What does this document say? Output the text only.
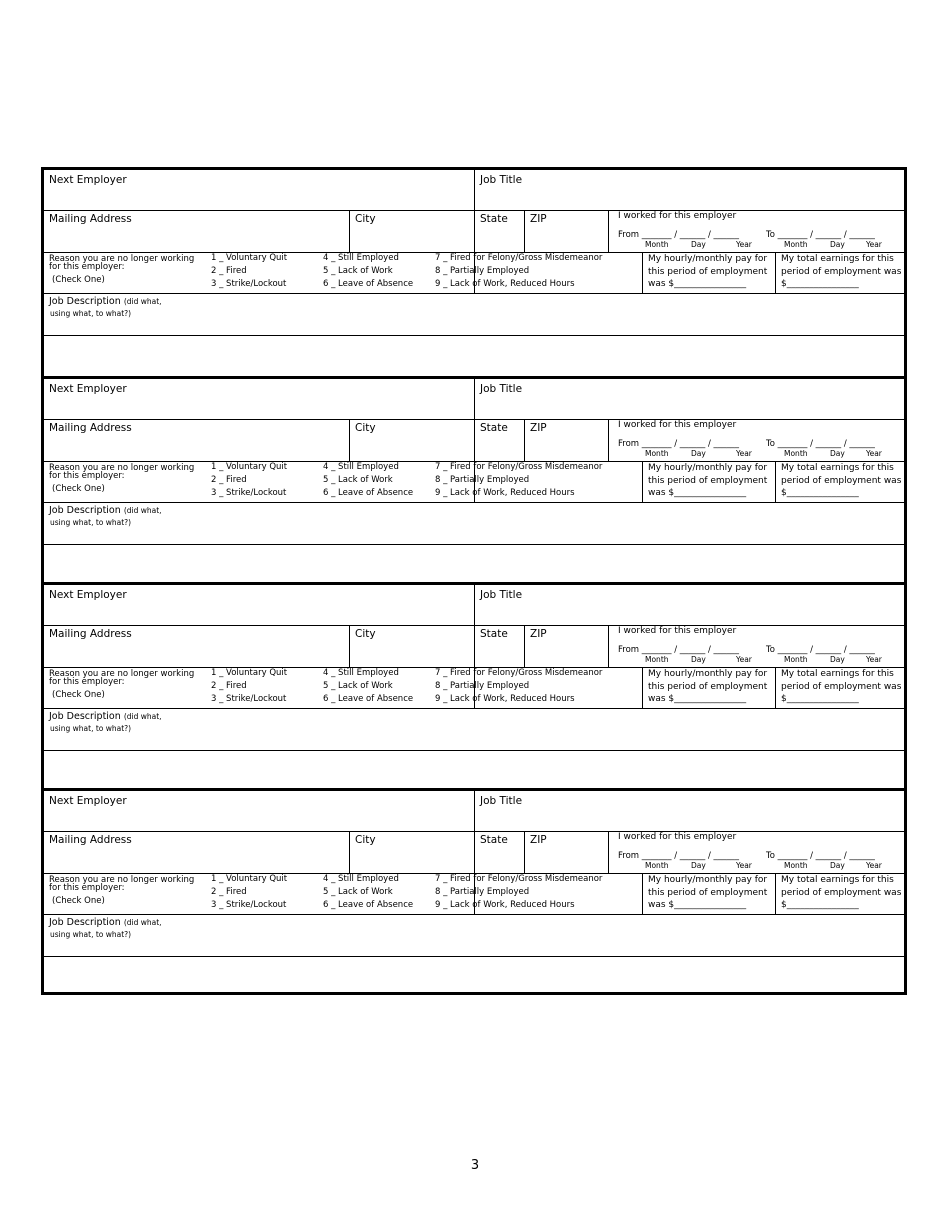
Next Employer	Job Title
Mailing Address	City	State ZIP	I worked for this employer
From _______ / ______ / ______	To _______ / ______ / ______
Month	Day	Year	Month	Day	Year
Reason you are no longer working
for this employer:
(Check One)
1 _ Voluntary Quit
2 _ Fired
3 _ Strike/Lockout
4 _ Still Employed
5 _ Lack of Work
6 _ Leave of Absence
7 _ Fired for Felony/Gross Misdemeanor
8 _ Partially Employed
9 _ Lack of Work, Reduced Hours
My hourly/monthly pay for this period of employment was $________________
My total earnings for this period of employment was $________________
Job Description (did what,
using what, to what?)
Next Employer	Job Title
Mailing Address	City	State ZIP	I worked for this employer
From _______ / ______ / ______	To _______ / ______ / ______
Month	Day	Year	Month	Day	Year
Reason you are no longer working
for this employer:
(Check One)
1 _ Voluntary Quit
2 _ Fired
3 _ Strike/Lockout
4 _ Still Employed
5 _ Lack of Work
6 _ Leave of Absence
7 _ Fired for Felony/Gross Misdemeanor
8 _ Partially Employed
9 _ Lack of Work, Reduced Hours
My hourly/monthly pay for this period of employment was $________________
My total earnings for this period of employment was $________________
Job Description (did what,
using what, to what?)
Next Employer	Job Title
Mailing Address	City	State ZIP	I worked for this employer
From _______ / ______ / ______	To _______ / ______ / ______
Month	Day	Year	Month	Day	Year
Reason you are no longer working
for this employer:
(Check One)
1 _ Voluntary Quit
2 _ Fired
3 _ Strike/Lockout
4 _ Still Employed
5 _ Lack of Work
6 _ Leave of Absence
7 _ Fired for Felony/Gross Misdemeanor
8 _ Partially Employed
9 _ Lack of Work, Reduced Hours
My hourly/monthly pay for this period of employment was $________________
My total earnings for this period of employment was $________________
Job Description (did what,
using what, to what?)
Next Employer	Job Title
Mailing Address	City	State ZIP	I worked for this employer
From _______ / ______ / ______	To _______ / ______ / ______
Month	Day	Year	Month	Day	Year
Reason you are no longer working
for this employer:
(Check One)
1 _ Voluntary Quit
2 _ Fired
3 _ Strike/Lockout
4 _ Still Employed
5 _ Lack of Work
6 _ Leave of Absence
7 _ Fired for Felony/Gross Misdemeanor
8 _ Partially Employed
9 _ Lack of Work, Reduced Hours
My hourly/monthly pay for this period of employment was $________________
My total earnings for this period of employment was $________________
Job Description (did what,
using what, to what?)
3
